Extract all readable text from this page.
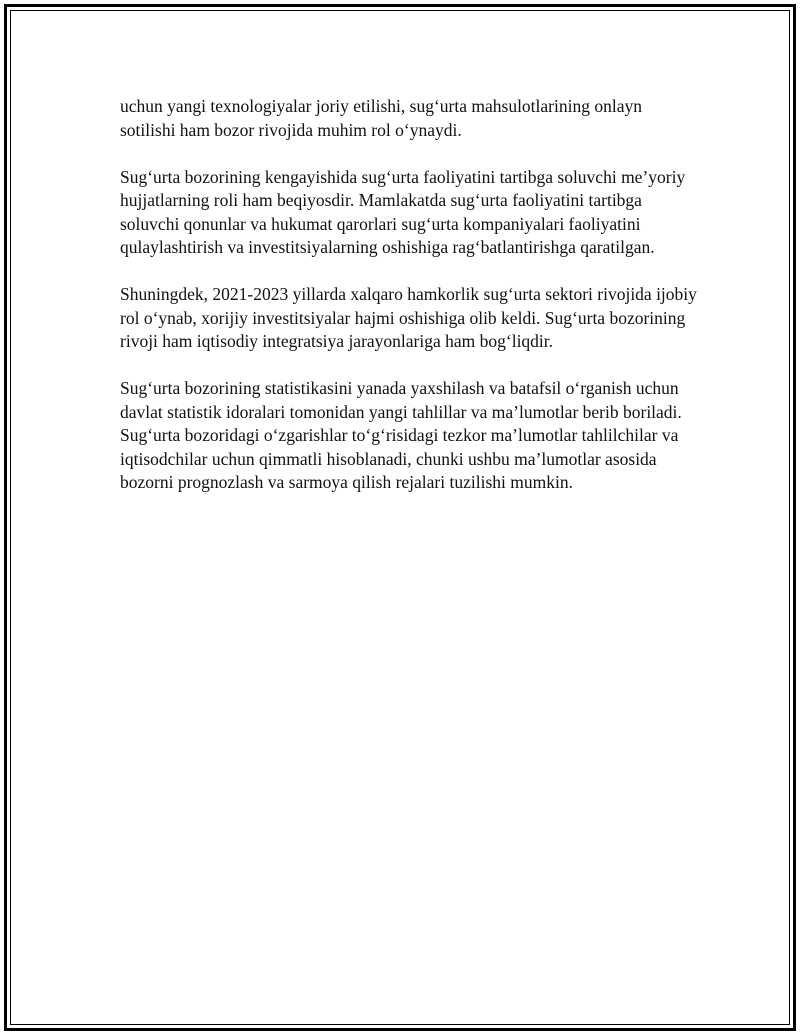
uchun yangi texnologiyalar joriy etilishi, sugʻurta mahsulotlarining onlayn sotilishi ham bozor rivojida muhim rol oʻynaydi.

Sugʻurta bozorining kengayishida sugʻurta faoliyatini tartibga soluvchi meʼyoriy hujjatlarning roli ham beqiyosdir. Mamlakatda sugʻurta faoliyatini tartibga soluvchi qonunlar va hukumat qarorlari sugʻurta kompaniyalari faoliyatini qulaylashtirish va investitsiyalarning oshishiga ragʻbatlantirishga qaratilgan.

Shuningdek, 2021-2023 yillarda xalqaro hamkorlik sugʻurta sektori rivojida ijobiy rol oʻynab, xorijiy investitsiyalar hajmi oshishiga olib keldi. Sugʻurta bozorining rivoji ham iqtisodiy integratsiya jarayonlariga ham bogʻliqdir.

Sugʻurta bozorining statistikasini yanada yaxshilash va batafsil oʻrganish uchun davlat statistik idoralari tomonidan yangi tahlillar va maʼlumotlar berib boriladi. Sugʻurta bozoridagi oʻzgarishlar toʻgʻrisidagi tezkor maʼlumotlar tahlilchilar va iqtisodchilar uchun qimmatli hisoblanadi, chunki ushbu maʼlumotlar asosida bozorni prognozlash va sarmoya qilish rejalari tuzilishi mumkin.
